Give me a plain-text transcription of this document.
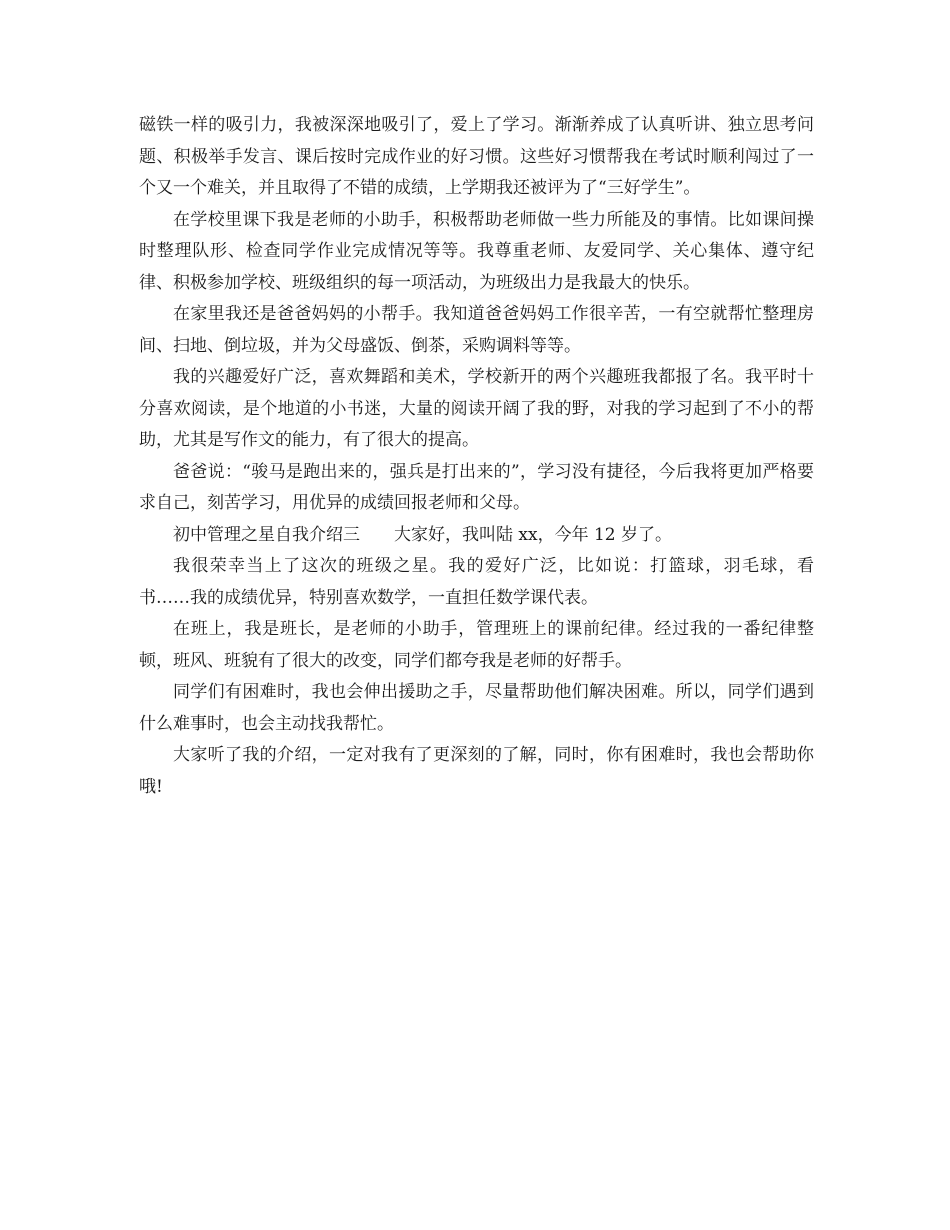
磁铁一样的吸引力，我被深深地吸引了，爱上了学习。渐渐养成了认真听讲、独立思考问题、积极举手发言、课后按时完成作业的好习惯。这些好习惯帮我在考试时顺利闯过了一个又一个难关，并且取得了不错的成绩，上学期我还被评为了“三好学生”。

在学校里课下我是老师的小助手，积极帮助老师做一些力所能及的事情。比如课间操时整理队形、检查同学作业完成情况等等。我尊重老师、友爱同学、关心集体、遵守纪律、积极参加学校、班级组织的每一项活动，为班级出力是我最大的快乐。

在家里我还是爸爸妈妈的小帮手。我知道爸爸妈妈工作很辛苦，一有空就帮忙整理房间、扫地、倒垃圾，并为父母盛饭、倒茶，采购调料等等。

我的兴趣爱好广泛，喜欢舞蹈和美术，学校新开的两个兴趣班我都报了名。我平时十分喜欢阅读，是个地道的小书迷，大量的阅读开阔了我的野，对我的学习起到了不小的帮助，尤其是写作文的能力，有了很大的提高。

爸爸说：“骏马是跑出来的，强兵是打出来的”，学习没有捷径，今后我将更加严格要求自己，刻苦学习，用优异的成绩回报老师和父母。

初中管理之星自我介绍三　　大家好，我叫陆 xx，今年 12 岁了。

我很荣幸当上了这次的班级之星。我的爱好广泛，比如说：打篮球，羽毛球，看书……我的成绩优异，特别喜欢数学，一直担任数学课代表。

在班上，我是班长，是老师的小助手，管理班上的课前纪律。经过我的一番纪律整顿，班风、班貌有了很大的改变，同学们都夸我是老师的好帮手。

同学们有困难时，我也会伸出援助之手，尽量帮助他们解决困难。所以，同学们遇到什么难事时，也会主动找我帮忙。

大家听了我的介绍，一定对我有了更深刻的了解，同时，你有困难时，我也会帮助你哦!
